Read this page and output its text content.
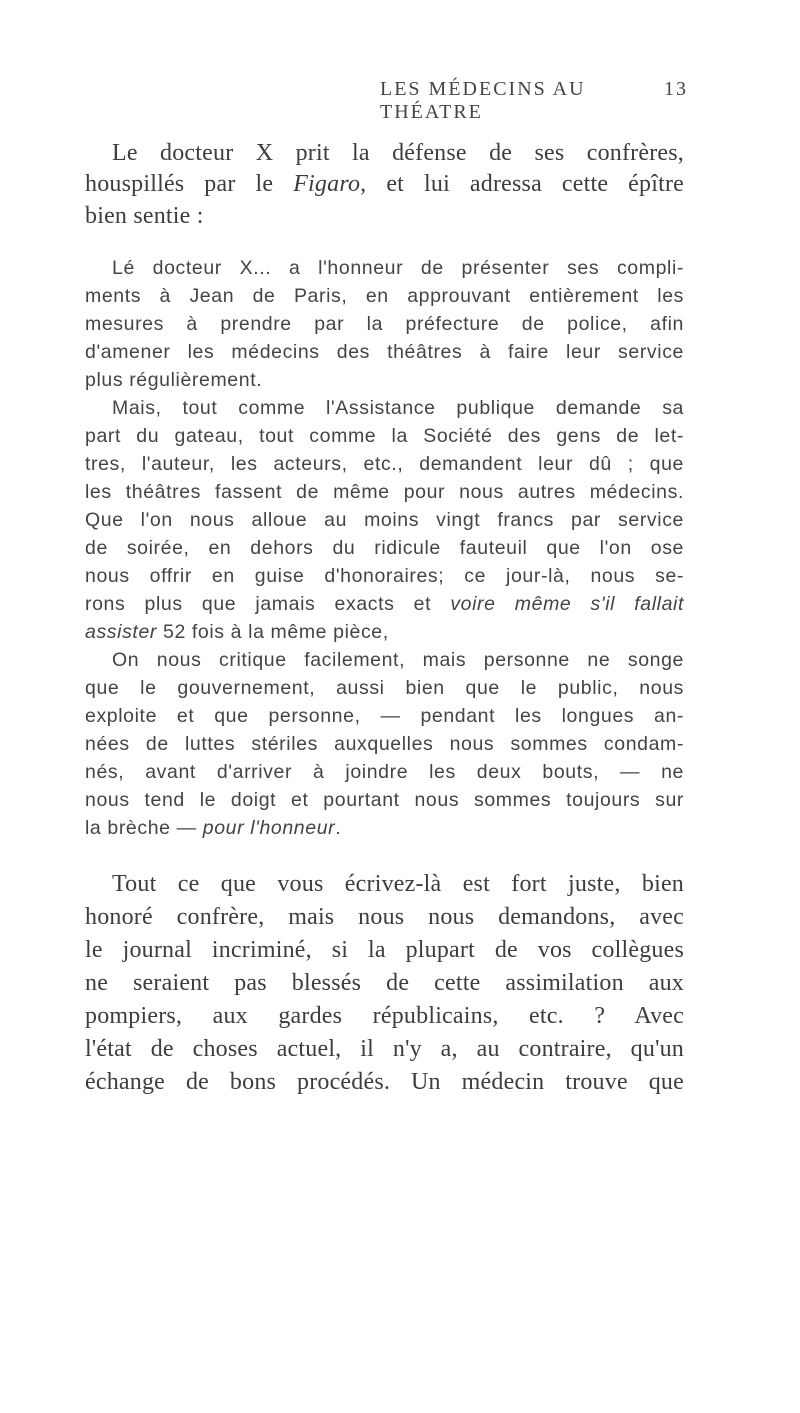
LES MÉDECINS AU THÉATRE
13
Le docteur X prit la défense de ses confrères,
houspillés par le Figaro, et lui adressa cette épître
bien sentie :
Lé docteur X... a l'honneur de présenter ses compli-
ments à Jean de Paris, en approuvant entièrement les
mesures à prendre par la préfecture de police, afin
d'amener les médecins des théâtres à faire leur service
plus régulièrement.
Mais, tout comme l'Assistance publique demande sa
part du gateau, tout comme la Société des gens de let-
tres, l'auteur, les acteurs, etc., demandent leur dû ; que
les théâtres fassent de même pour nous autres médecins.
Que l'on nous alloue au moins vingt francs par service
de soirée, en dehors du ridicule fauteuil que l'on ose
nous offrir en guise d'honoraires; ce jour-là, nous se-
rons plus que jamais exacts et voire même s'il fallait
assister 52 fois à la même pièce,
On nous critique facilement, mais personne ne songe
que le gouvernement, aussi bien que le public, nous
exploite et que personne, — pendant les longues an-
nées de luttes stériles auxquelles nous sommes condam-
nés, avant d'arriver à joindre les deux bouts, — ne
nous tend le doigt et pourtant nous sommes toujours sur
la brèche — pour l'honneur.
Tout ce que vous écrivez-là est fort juste, bien
honoré confrère, mais nous nous demandons, avec
le journal incriminé, si la plupart de vos collègues
ne seraient pas blessés de cette assimilation aux
pompiers, aux gardes républicains, etc. ? Avec
l'état de choses actuel, il n'y a, au contraire, qu'un
échange de bons procédés. Un médecin trouve que
